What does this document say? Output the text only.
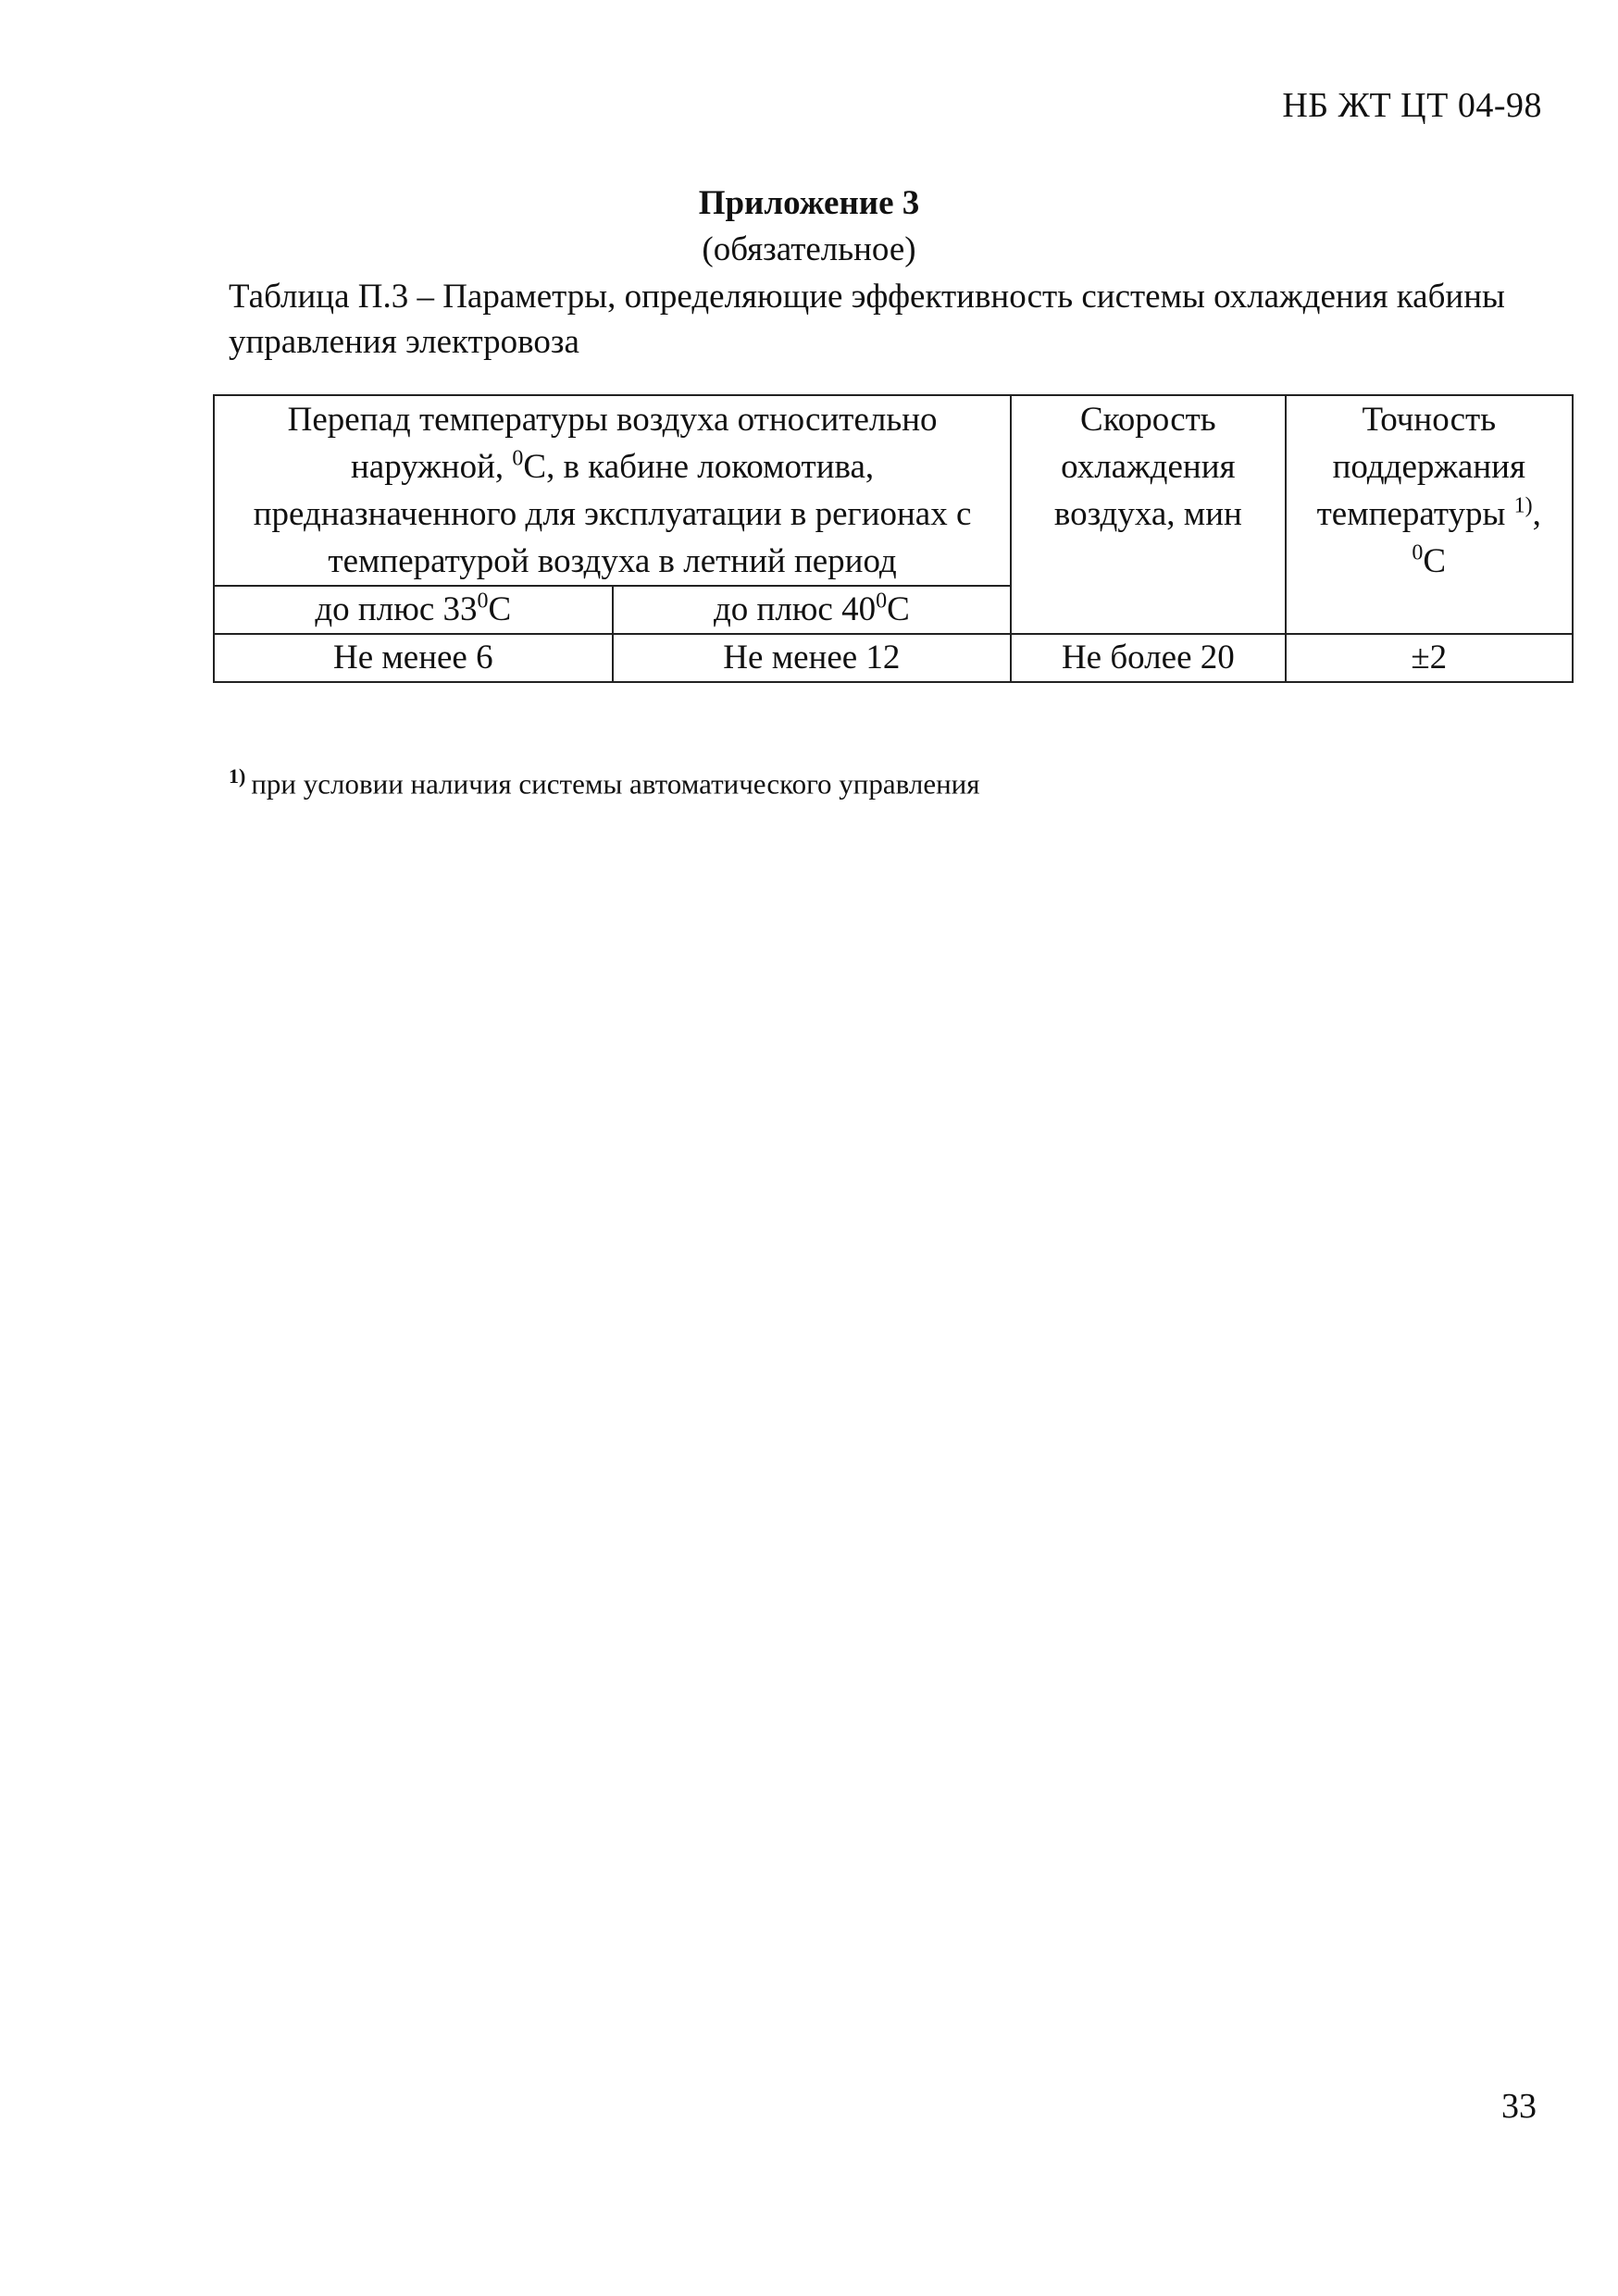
НБ ЖТ ЦТ 04-98
Приложение 3
(обязательное)
Таблица П.3 – Параметры, определяющие эффективность системы охлаждения кабины управления электровоза
Перепад температуры воздуха относительно наружной, $^0$С, в кабине локомотива, предназначенного для эксплуатации в регионах с температурой воздуха в летний период		Скорость охлаждения воздуха, мин	Точность поддержания температуры $^{1)}$,
$^0$С
до плюс $33^0С$	до плюс $40^0С$		
Не менее 6	Не менее 12	Не более 20	±2
$^{1)}$ при условии наличия системы автоматического управления
33
